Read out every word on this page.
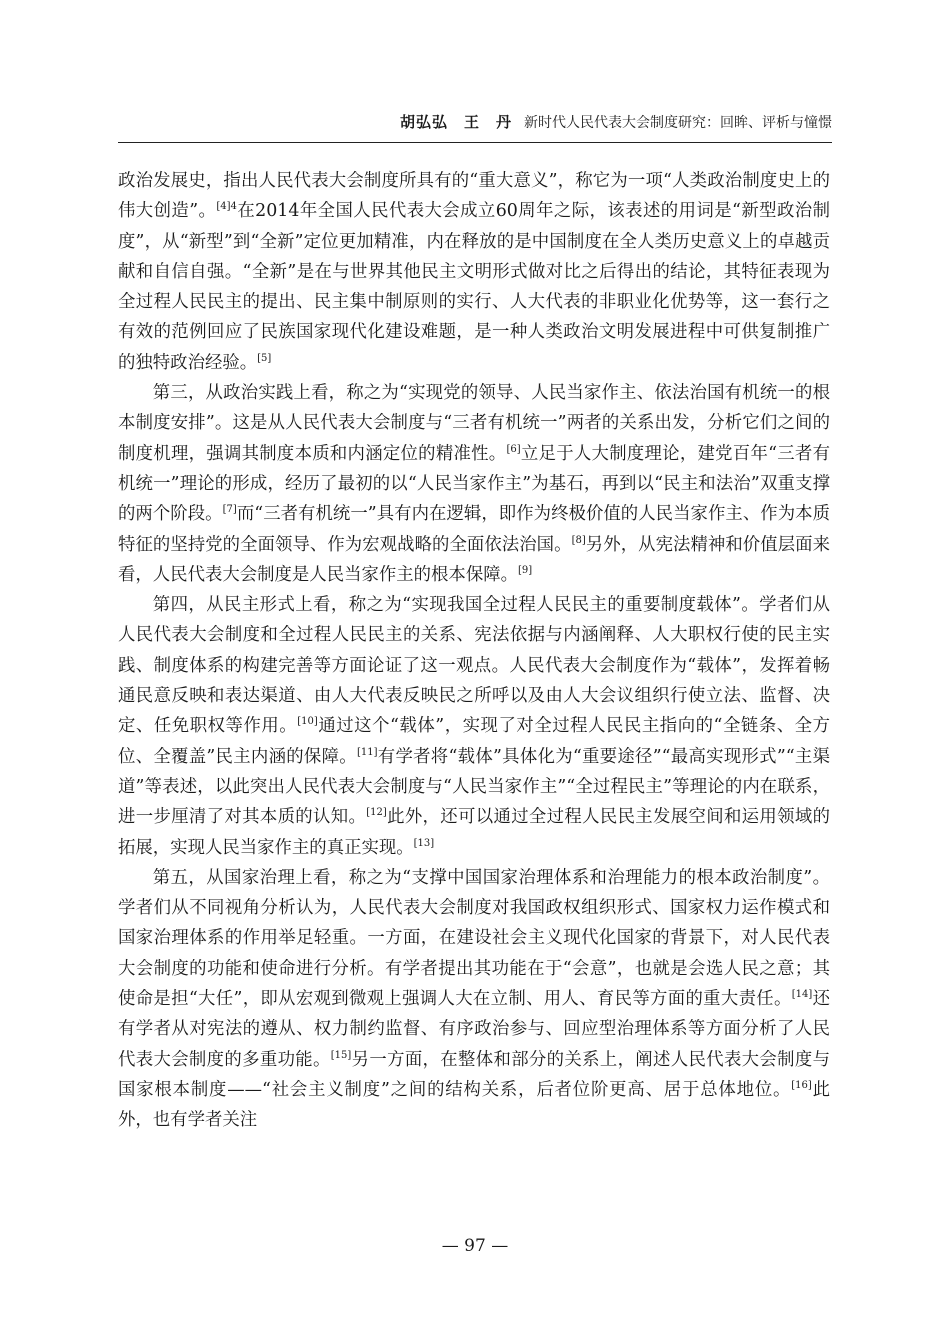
胡弘弘　王　丹 新时代人民代表大会制度研究：回眸、评析与憧憬

政治发展史，指出人民代表大会制度所具有的“重大意义”，称它为一项“人类政治制度史上的伟大创造”。$^{[4]4}$在2014年全国人民代表大会成立60周年之际，该表述的用词是“新型政治制度”，从“新型”到“全新”定位更加精准，内在释放的是中国制度在全人类历史意义上的卓越贡献和自信自强。“全新”是在与世界其他民主文明形式做对比之后得出的结论，其特征表现为全过程人民民主的提出、民主集中制原则的实行、人大代表的非职业化优势等，这一套行之有效的范例回应了民族国家现代化建设难题，是一种人类政治文明发展进程中可供复制推广的独特政治经验。[5]

第三，从政治实践上看，称之为“实现党的领导、人民当家作主、依法治国有机统一的根本制度安排”。这是从人民代表大会制度与“三者有机统一”两者的关系出发，分析它们之间的制度机理，强调其制度本质和内涵定位的精准性。[6]立足于人大制度理论，建党百年“三者有机统一”理论的形成，经历了最初的以“人民当家作主”为基石，再到以“民主和法治”双重支撑的两个阶段。[7]而“三者有机统一”具有内在逻辑，即作为终极价值的人民当家作主、作为本质特征的坚持党的全面领导、作为宏观战略的全面依法治国。[8]另外，从宪法精神和价值层面来看，人民代表大会制度是人民当家作主的根本保障。[9]

第四，从民主形式上看，称之为“实现我国全过程人民民主的重要制度载体”。学者们从人民代表大会制度和全过程人民民主的关系、宪法依据与内涵阐释、人大职权行使的民主实践、制度体系的构建完善等方面论证了这一观点。人民代表大会制度作为“载体”，发挥着畅通民意反映和表达渠道、由人大代表反映民之所呼以及由人大会议组织行使立法、监督、决定、任免职权等作用。[10]通过这个“载体”，实现了对全过程人民民主指向的“全链条、全方位、全覆盖”民主内涵的保障。[11]有学者将“载体”具体化为“重要途径”“最高实现形式”“主渠道”等表述，以此突出人民代表大会制度与“人民当家作主”“全过程民主”等理论的内在联系，进一步厘清了对其本质的认知。[12]此外，还可以通过全过程人民民主发展空间和运用领域的拓展，实现人民当家作主的真正实现。[13]

第五，从国家治理上看，称之为“支撑中国国家治理体系和治理能力的根本政治制度”。学者们从不同视角分析认为，人民代表大会制度对我国政权组织形式、国家权力运作模式和国家治理体系的作用举足轻重。一方面，在建设社会主义现代化国家的背景下，对人民代表大会制度的功能和使命进行分析。有学者提出其功能在于“会意”，也就是会选人民之意；其使命是担“大任”，即从宏观到微观上强调人大在立制、用人、育民等方面的重大责任。[14]还有学者从对宪法的遵从、权力制约监督、有序政治参与、回应型治理体系等方面分析了人民代表大会制度的多重功能。[15]另一方面，在整体和部分的关系上，阐述人民代表大会制度与国家根本制度——“社会主义制度”之间的结构关系，后者位阶更高、居于总体地位。[16]此外，也有学者关注

— 97 —
